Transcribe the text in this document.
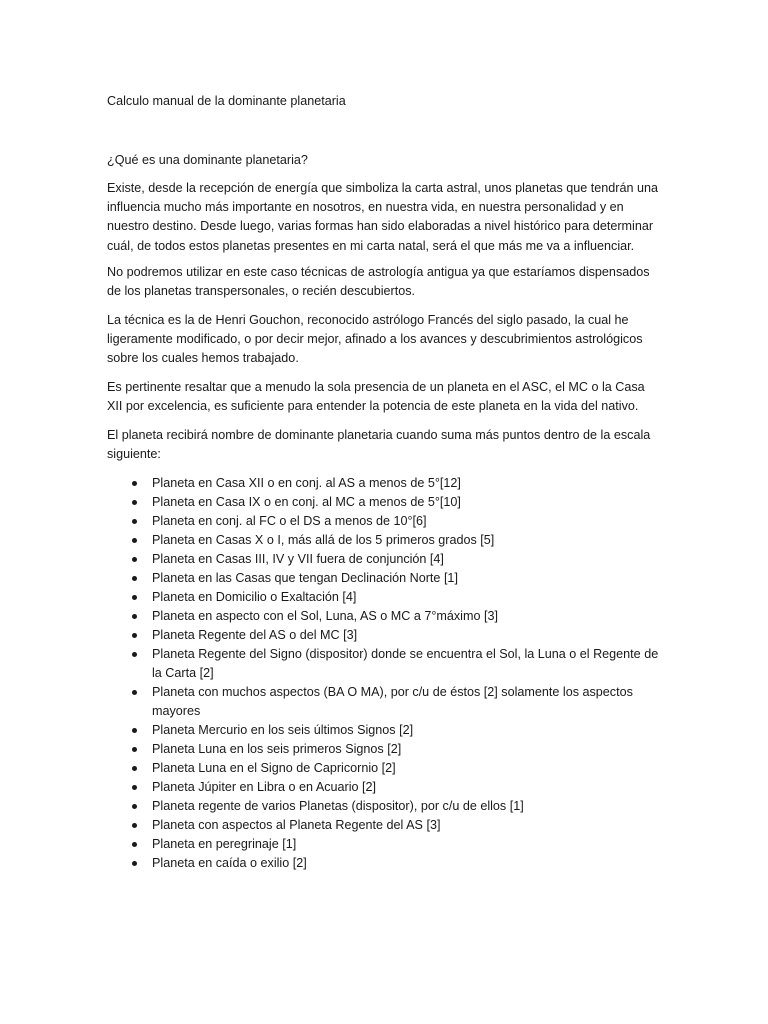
Calculo manual de la dominante planetaria

¿Qué es una dominante planetaria?

Existe, desde la recepción de energía que simboliza la carta astral, unos planetas que tendrán una influencia mucho más importante en nosotros, en nuestra vida, en nuestra personalidad y en nuestro destino. Desde luego, varias formas han sido elaboradas a nivel histórico para determinar cuál, de todos estos planetas presentes en mi carta natal, será el que más me va a influenciar.

No podremos utilizar en este caso técnicas de astrología antigua ya que estaríamos dispensados de los planetas transpersonales, o recién descubiertos.

La técnica es la de Henri Gouchon, reconocido astrólogo Francés del siglo pasado, la cual he ligeramente modificado, o por decir mejor, afinado a los avances y descubrimientos astrológicos sobre los cuales hemos trabajado.

Es pertinente resaltar que a menudo la sola presencia de un planeta en el ASC, el MC o la Casa XII por excelencia, es suficiente para entender la potencia de este planeta en la vida del nativo.

El planeta recibirá nombre de dominante planetaria cuando suma más puntos dentro de la escala siguiente:

Planeta en Casa XII o en conj. al AS a menos de 5°[12]
Planeta en Casa IX o en conj. al MC a menos de 5°[10]
Planeta en conj. al FC o el DS a menos de 10°[6]
Planeta en Casas X o I, más allá de los 5 primeros grados [5]
Planeta en Casas III, IV y VII fuera de conjunción [4]
Planeta en las Casas que tengan Declinación Norte [1]
Planeta en Domicilio o Exaltación [4]
Planeta en aspecto con el Sol, Luna, AS o MC a 7°máximo [3]
Planeta Regente del AS o del MC [3]
Planeta Regente del Signo (dispositor) donde se encuentra el Sol, la Luna o el Regente de la Carta [2]
Planeta con muchos aspectos (BA O MA), por c/u de éstos [2] solamente los aspectos mayores
Planeta Mercurio en los seis últimos Signos [2]
Planeta Luna en los seis primeros Signos [2]
Planeta Luna en el Signo de Capricornio [2]
Planeta Júpiter en Libra o en Acuario [2]
Planeta regente de varios Planetas (dispositor), por c/u de ellos [1]
Planeta con aspectos al Planeta Regente del AS [3]
Planeta en peregrinaje [1]
Planeta en caída o exilio [2]
